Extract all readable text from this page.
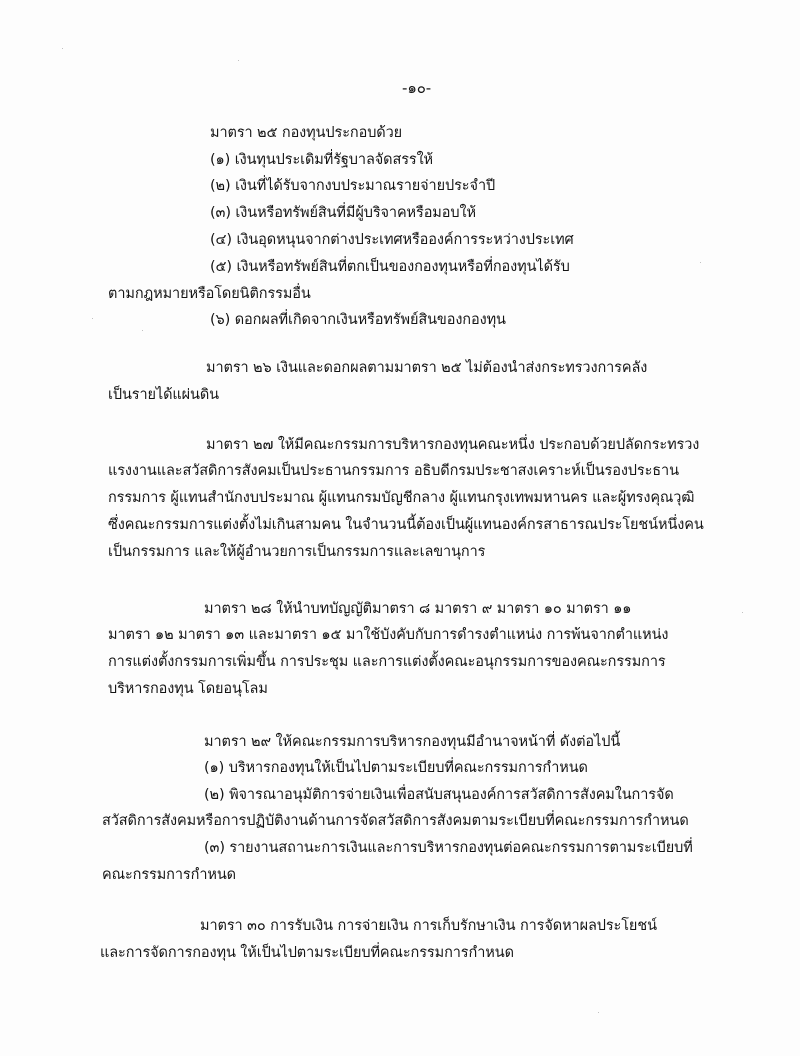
-๑๐-
มาตรา ๒๕ กองทุนประกอบด้วย
(๑) เงินทุนประเดิมที่รัฐบาลจัดสรรให้
(๒) เงินที่ได้รับจากงบประมาณรายจ่ายประจำปี
(๓) เงินหรือทรัพย์สินที่มีผู้บริจาคหรือมอบให้
(๔) เงินอุดหนุนจากต่างประเทศหรือองค์การระหว่างประเทศ
(๕) เงินหรือทรัพย์สินที่ตกเป็นของกองทุนหรือที่กองทุนได้รับ
ตามกฎหมายหรือโดยนิติกรรมอื่น
(๖) ดอกผลที่เกิดจากเงินหรือทรัพย์สินของกองทุน
มาตรา ๒๖ เงินและดอกผลตามมาตรา ๒๕ ไม่ต้องนำส่งกระทรวงการคลัง
เป็นรายได้แผ่นดิน
มาตรา ๒๗ ให้มีคณะกรรมการบริหารกองทุนคณะหนึ่ง ประกอบด้วยปลัดกระทรวง
แรงงานและสวัสดิการสังคมเป็นประธานกรรมการ อธิบดีกรมประชาสงเคราะห์เป็นรองประธาน
กรรมการ ผู้แทนสำนักงบประมาณ ผู้แทนกรมบัญชีกลาง ผู้แทนกรุงเทพมหานคร และผู้ทรงคุณวุฒิ
ซึ่งคณะกรรมการแต่งตั้งไม่เกินสามคน ในจำนวนนี้ต้องเป็นผู้แทนองค์กรสาธารณประโยชน์หนึ่งคน
เป็นกรรมการ และให้ผู้อำนวยการเป็นกรรมการและเลขานุการ
มาตรา ๒๘ ให้นำบทบัญญัติมาตรา ๘ มาตรา ๙ มาตรา ๑๐ มาตรา ๑๑
มาตรา ๑๒ มาตรา ๑๓ และมาตรา ๑๕ มาใช้บังคับกับการดำรงตำแหน่ง การพ้นจากตำแหน่ง
การแต่งตั้งกรรมการเพิ่มขึ้น การประชุม และการแต่งตั้งคณะอนุกรรมการของคณะกรรมการ
บริหารกองทุน โดยอนุโลม
มาตรา ๒๙ ให้คณะกรรมการบริหารกองทุนมีอำนาจหน้าที่ ดังต่อไปนี้
(๑) บริหารกองทุนให้เป็นไปตามระเบียบที่คณะกรรมการกำหนด
(๒) พิจารณาอนุมัติการจ่ายเงินเพื่อสนับสนุนองค์การสวัสดิการสังคมในการจัด
สวัสดิการสังคมหรือการปฏิบัติงานด้านการจัดสวัสดิการสังคมตามระเบียบที่คณะกรรมการกำหนด
(๓) รายงานสถานะการเงินและการบริหารกองทุนต่อคณะกรรมการตามระเบียบที่
คณะกรรมการกำหนด
มาตรา ๓๐ การรับเงิน การจ่ายเงิน การเก็บรักษาเงิน การจัดหาผลประโยชน์
และการจัดการกองทุน ให้เป็นไปตามระเบียบที่คณะกรรมการกำหนด
